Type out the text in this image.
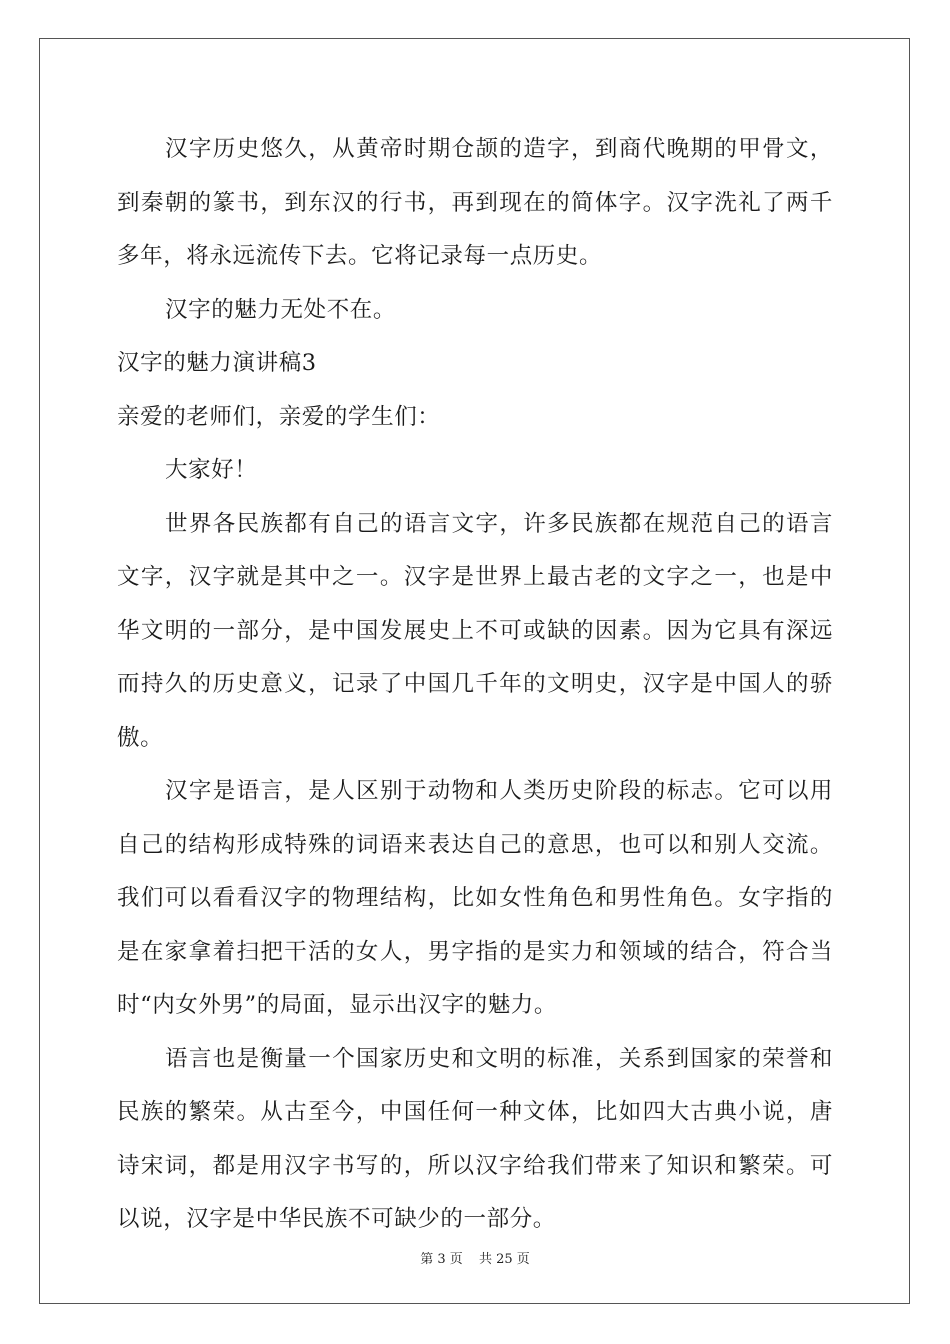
汉字历史悠久，从黄帝时期仓颉的造字，到商代晚期的甲骨文，
到秦朝的篆书，到东汉的行书，再到现在的简体字。汉字洗礼了两千
多年，将永远流传下去。它将记录每一点历史。
汉字的魅力无处不在。
汉字的魅力演讲稿3
亲爱的老师们，亲爱的学生们：
大家好！
世界各民族都有自己的语言文字，许多民族都在规范自己的语言
文字，汉字就是其中之一。汉字是世界上最古老的文字之一，也是中
华文明的一部分，是中国发展史上不可或缺的因素。因为它具有深远
而持久的历史意义，记录了中国几千年的文明史，汉字是中国人的骄
傲。
汉字是语言，是人区别于动物和人类历史阶段的标志。它可以用
自己的结构形成特殊的词语来表达自己的意思，也可以和别人交流。
我们可以看看汉字的物理结构，比如女性角色和男性角色。女字指的
是在家拿着扫把干活的女人，男字指的是实力和领域的结合，符合当
时“内女外男”的局面，显示出汉字的魅力。
语言也是衡量一个国家历史和文明的标准，关系到国家的荣誉和
民族的繁荣。从古至今，中国任何一种文体，比如四大古典小说，唐
诗宋词，都是用汉字书写的，所以汉字给我们带来了知识和繁荣。可
以说，汉字是中华民族不可缺少的一部分。
第 3 页 共 25 页
